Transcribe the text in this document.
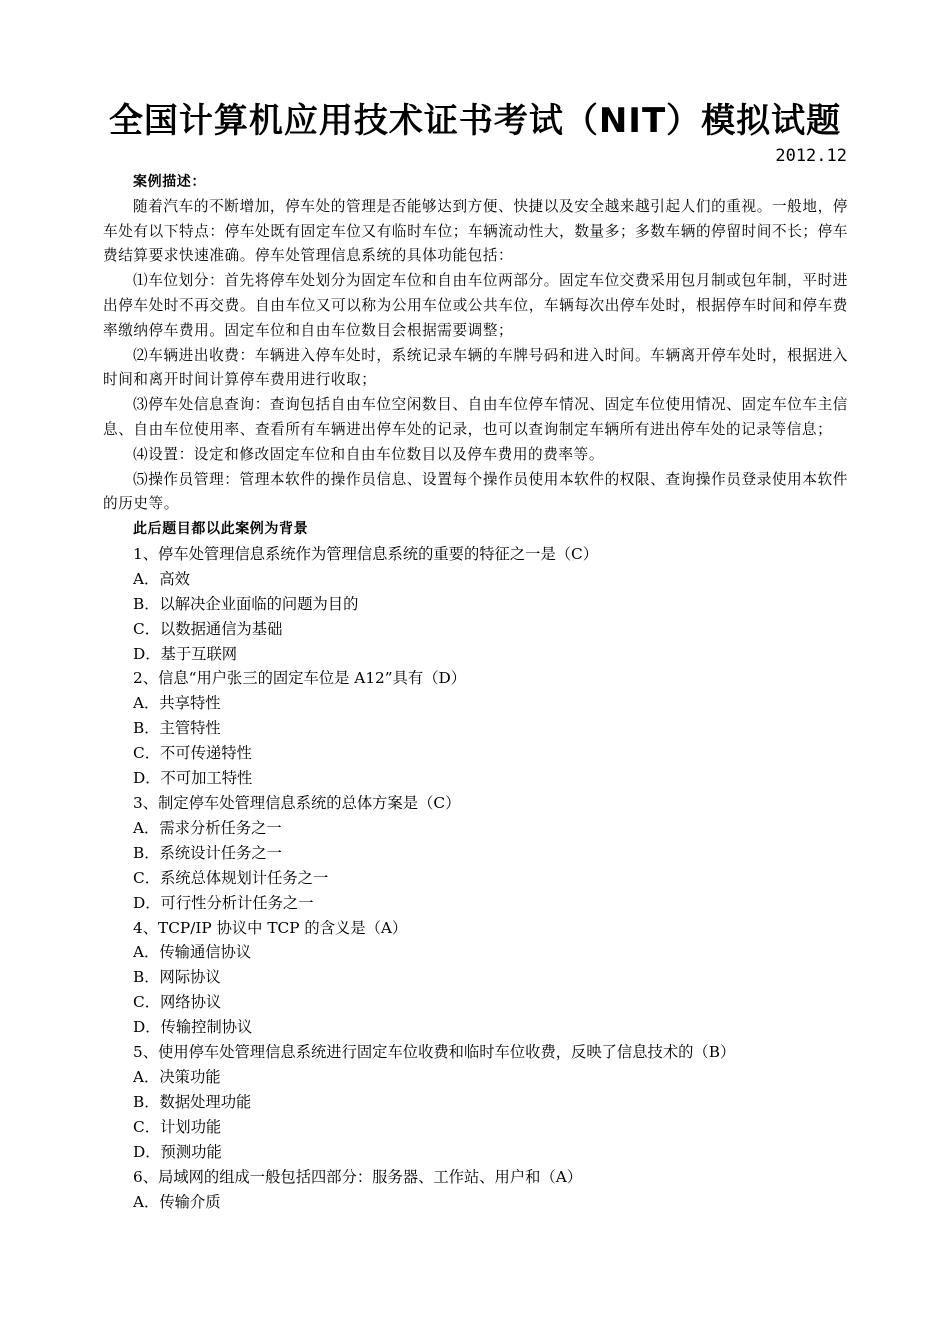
全国计算机应用技术证书考试（NIT）模拟试题
2012.12

案例描述：

随着汽车的不断增加，停车处的管理是否能够达到方便、快捷以及安全越来越引起人们的重视。一般地，停车处有以下特点：停车处既有固定车位又有临时车位；车辆流动性大，数量多；多数车辆的停留时间不长；停车费结算要求快速准确。停车处管理信息系统的具体功能包括：

⑴车位划分：首先将停车处划分为固定车位和自由车位两部分。固定车位交费采用包月制或包年制，平时进出停车处时不再交费。自由车位又可以称为公用车位或公共车位，车辆每次出停车处时，根据停车时间和停车费率缴纳停车费用。固定车位和自由车位数目会根据需要调整；

⑵车辆进出收费：车辆进入停车处时，系统记录车辆的车牌号码和进入时间。车辆离开停车处时，根据进入时间和离开时间计算停车费用进行收取；

⑶停车处信息查询：查询包括自由车位空闲数目、自由车位停车情况、固定车位使用情况、固定车位车主信息、自由车位使用率、查看所有车辆进出停车处的记录，也可以查询制定车辆所有进出停车处的记录等信息；

⑷设置：设定和修改固定车位和自由车位数目以及停车费用的费率等。

⑸操作员管理：管理本软件的操作员信息、设置每个操作员使用本软件的权限、查询操作员登录使用本软件的历史等。

此后题目都以此案例为背景

1、停车处管理信息系统作为管理信息系统的重要的特征之一是（C）

A．高效

B．以解决企业面临的问题为目的

C．以数据通信为基础

D．基于互联网

2、信息“用户张三的固定车位是 A12”具有（D）

A．共享特性

B．主管特性

C．不可传递特性

D．不可加工特性

3、制定停车处管理信息系统的总体方案是（C）

A．需求分析任务之一

B．系统设计任务之一

C．系统总体规划计任务之一

D．可行性分析计任务之一

4、TCP/IP 协议中 TCP 的含义是（A）

A．传输通信协议

B．网际协议

C．网络协议

D．传输控制协议

5、使用停车处管理信息系统进行固定车位收费和临时车位收费，反映了信息技术的（B）

A．决策功能

B．数据处理功能

C．计划功能

D．预测功能

6、局域网的组成一般包括四部分：服务器、工作站、用户和（A）

A．传输介质
